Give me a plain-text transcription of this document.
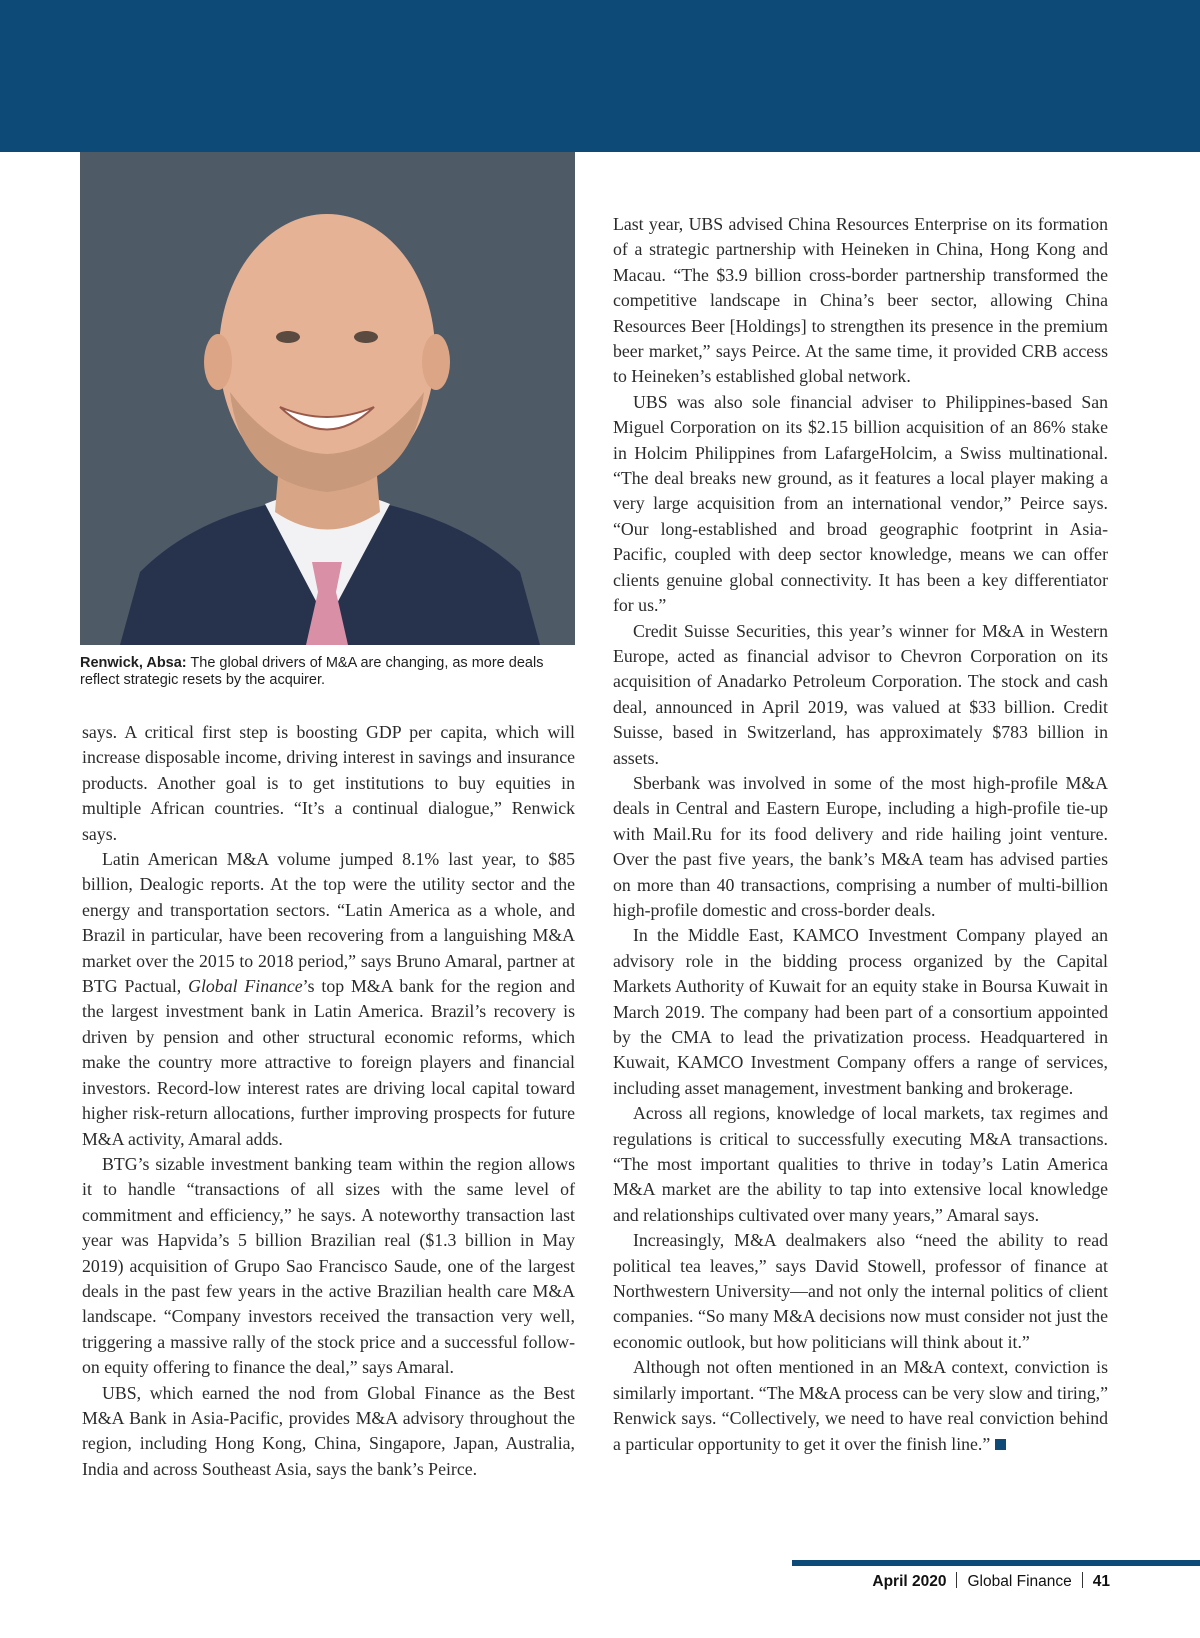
Renwick, Absa: The global drivers of M&A are changing, as more deals reflect strategic resets by the acquirer.

says. A critical first step is boosting GDP per capita, which will increase disposable income, driving interest in savings and insurance products. Another goal is to get institutions to buy equities in multiple African countries. “It’s a continual dialogue,” Renwick says.

Latin American M&A volume jumped 8.1% last year, to $85 billion, Dealogic reports. At the top were the utility sector and the energy and transportation sectors. “Latin America as a whole, and Brazil in particular, have been recovering from a languishing M&A market over the 2015 to 2018 period,” says Bruno Amaral, partner at BTG Pactual, Global Finance’s top M&A bank for the region and the largest investment bank in Latin America. Brazil’s recovery is driven by pension and other structural economic reforms, which make the country more attractive to foreign players and financial investors. Record-low interest rates are driving local capital toward higher risk-return allocations, further improving prospects for future M&A activity, Amaral adds.

BTG’s sizable investment banking team within the region allows it to handle “transactions of all sizes with the same level of commitment and efficiency,” he says. A noteworthy transaction last year was Hapvida’s 5 billion Brazilian real ($1.3 billion in May 2019) acquisition of Grupo Sao Francisco Saude, one of the largest deals in the past few years in the active Brazilian health care M&A landscape. “Company investors received the transaction very well, triggering a massive rally of the stock price and a successful follow-on equity offering to finance the deal,” says Amaral.

UBS, which earned the nod from Global Finance as the Best M&A Bank in Asia-Pacific, provides M&A advisory throughout the region, including Hong Kong, China, Singapore, Japan, Australia, India and across Southeast Asia, says the bank’s Peirce.

Last year, UBS advised China Resources Enterprise on its formation of a strategic partnership with Heineken in China, Hong Kong and Macau. “The $3.9 billion cross-border partnership transformed the competitive landscape in China’s beer sector, allowing China Resources Beer [Holdings] to strengthen its presence in the premium beer market,” says Peirce. At the same time, it provided CRB access to Heineken’s established global network.

UBS was also sole financial adviser to Philippines-based San Miguel Corporation on its $2.15 billion acquisition of an 86% stake in Holcim Philippines from LafargeHolcim, a Swiss multinational. “The deal breaks new ground, as it features a local player making a very large acquisition from an international vendor,” Peirce says. “Our long-established and broad geographic footprint in Asia-Pacific, coupled with deep sector knowledge, means we can offer clients genuine global connectivity. It has been a key differentiator for us.”

Credit Suisse Securities, this year’s winner for M&A in Western Europe, acted as financial advisor to Chevron Corporation on its acquisition of Anadarko Petroleum Corporation. The stock and cash deal, announced in April 2019, was valued at $33 billion. Credit Suisse, based in Switzerland, has approximately $783 billion in assets.

Sberbank was involved in some of the most high-profile M&A deals in Central and Eastern Europe, including a high-profile tie-up with Mail.Ru for its food delivery and ride hailing joint venture. Over the past five years, the bank’s M&A team has advised parties on more than 40 transactions, comprising a number of multi-billion high-profile domestic and cross-border deals.

In the Middle East, KAMCO Investment Company played an advisory role in the bidding process organized by the Capital Markets Authority of Kuwait for an equity stake in Boursa Kuwait in March 2019. The company had been part of a consortium appointed by the CMA to lead the privatization process. Headquartered in Kuwait, KAMCO Investment Company offers a range of services, including asset management, investment banking and brokerage.

Across all regions, knowledge of local markets, tax regimes and regulations is critical to successfully executing M&A transactions. “The most important qualities to thrive in today’s Latin America M&A market are the ability to tap into extensive local knowledge and relationships cultivated over many years,” Amaral says.

Increasingly, M&A dealmakers also “need the ability to read political tea leaves,” says David Stowell, professor of finance at Northwestern University—and not only the internal politics of client companies. “So many M&A decisions now must consider not just the economic outlook, but how politicians will think about it.”

Although not often mentioned in an M&A context, conviction is similarly important. “The M&A process can be very slow and tiring,” Renwick says. “Collectively, we need to have real conviction behind a particular opportunity to get it over the finish line.”

April 2020 Global Finance 41
